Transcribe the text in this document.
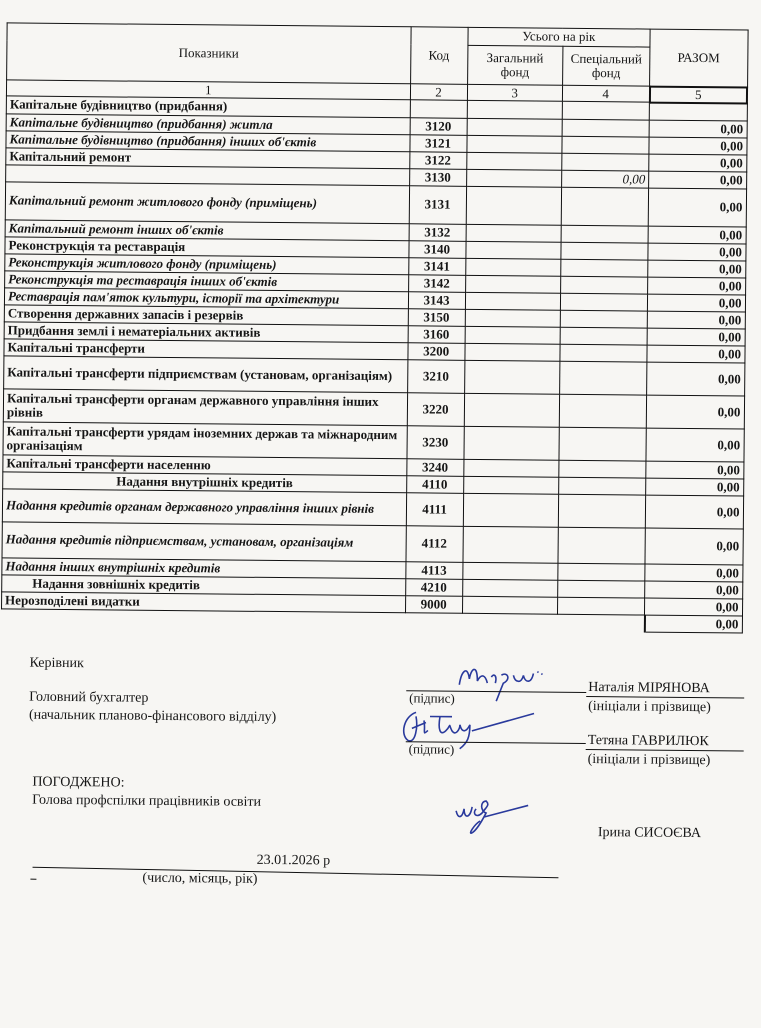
Показники	Код	Усього на рік		РАЗОМ
		Загальний фонд	Спеціальний фонд	
1	2	3	4	5
Капітальне будівництво (придбання)				
Капітальне будівництво (придбання) житла	3120			0,00
Капітальне будівництво (придбання) інших об'єктів	3121			0,00
Капітальний ремонт	3122			0,00
	3130		0,00	0,00
Капітальний ремонт житлового фонду (приміщень)	3131			0,00
Капітальний ремонт інших об'єктів	3132			0,00
Реконструкція та реставрація	3140			0,00
Реконструкція житлового фонду (приміщень)	3141			0,00
Реконструкція та реставрація інших об'єктів	3142			0,00
Реставрація пам'яток культури, історії та архітектури	3143			0,00
Створення державних запасів і резервів	3150			0,00
Придбання землі і нематеріальних активів	3160			0,00
Капітальні трансферти	3200			0,00
Капітальні трансферти підприємствам (установам, організаціям)	3210			0,00
Капітальні трансферти органам державного управління інших рівнів	3220			0,00
Капітальні трансферти урядам іноземних держав та міжнародним організаціям	3230			0,00
Капітальні трансферти населенню	3240			0,00
Надання внутрішніх кредитів	4110			0,00
Надання кредитів органам державного управління інших рівнів	4111			0,00
Надання кредитів підприємствам, установам, організаціям	4112			0,00
Надання інших внутрішніх кредитів	4113			0,00
Надання зовнішніх кредитів	4210			0,00
Нерозподілені видатки	9000			0,00
				0,00
Керівник
(підпис)
Наталія МІРЯНОВА
(ініціали і прізвище)
Головний бухгалтер
(начальник планово-фінансового відділу)
(підпис)	Тетяна ГАВРИЛЮК
(ініціали і прізвище)
ПОГОДЖЕНО:
Голова профспілки працівників освіти
Ірина СИСОЄВА
23.01.2026 р
(число, місяць, рік)
